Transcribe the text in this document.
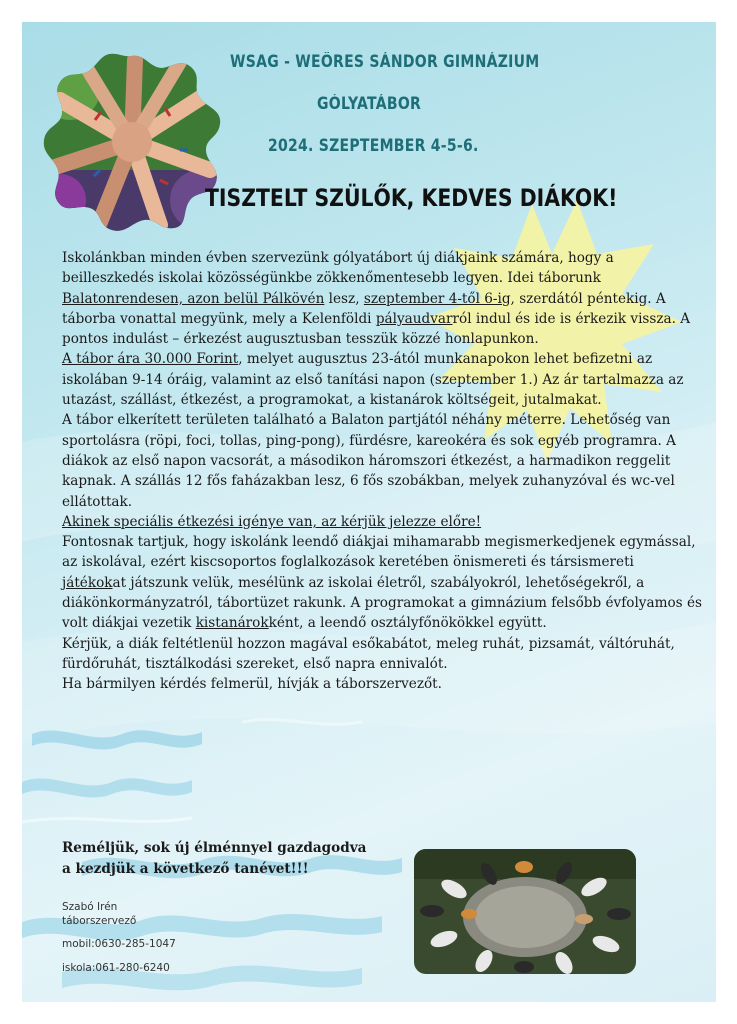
WSAG - WEÖRES SÁNDOR GIMNÁZIUM
GÓLYATÁBOR
2024. SZEPTEMBER 4-5-6.
TISZTELT SZÜLŐK, KEDVES DIÁKOK!

Iskolánkban minden évben szervezünk gólyatábort új diákjaink számára, hogy a beilleszkedés iskolai közösségünkbe zökkenőmentesebb legyen. Idei táborunk Balatonrendesen, azon belül Pálkövén lesz, szeptember 4-től 6-ig, szerdától péntekig. A táborba vonattal megyünk, mely a Kelenföldi pályaudvarról indul és ide is érkezik vissza. A pontos indulást – érkezést augusztusban tesszük közzé honlapunkon.

A tábor ára 30.000 Forint, melyet augusztus 23-ától munkanapokon lehet befizetni az iskolában 9-14 óráig, valamint az első tanítási napon (szeptember 1.) Az ár tartalmazza az utazást, szállást, étkezést, a programokat, a kistanárok költségeit, jutalmakat.

A tábor elkerített területen található a Balaton partjától néhány méterre. Lehetőség van sportolásra (röpi, foci, tollas, ping-pong), fürdésre, kareokéra és sok egyéb programra. A diákok az első napon vacsorát, a másodikon háromszori étkezést, a harmadikon reggelit kapnak. A szállás 12 fős faházakban lesz, 6 fős szobákban, melyek zuhanyzóval és wc-vel ellátottak.

Akinek speciális étkezési igénye van, az kérjük jelezze előre!

Fontosnak tartjuk, hogy iskolánk leendő diákjai mihamarabb megismerkedjenek egymással, az iskolával, ezért kiscsoportos foglalkozások keretében önismereti és társismereti játékokat játszunk velük, mesélünk az iskolai életről, szabályokról, lehetőségekről, a diákönkormányzatról, tábortüzet rakunk. A programokat a gimnázium felsőbb évfolyamos és volt diákjai vezetik kistanárokként, a leendő osztályfőnökökkel együtt.

Kérjük, a diák feltétlenül hozzon magával esőkabátot, meleg ruhát, pizsamát, váltóruhát, fürdőruhát, tisztálkodási szereket, első napra ennivalót.

Ha bármilyen kérdés felmerül, hívják a táborszervezőt.

Reméljük, sok új élménnyel gazdagodva
a kezdjük a következő tanévet!!!
Szabó Irén
táborszervező
mobil:0630-285-1047
iskola:061-280-6240
